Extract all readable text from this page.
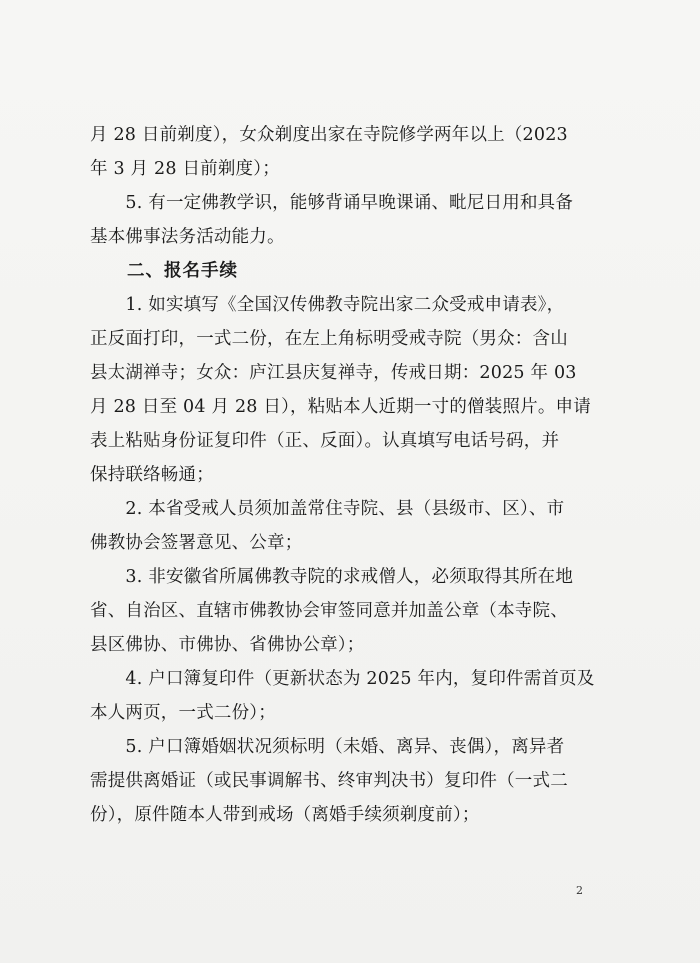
月 28 日前剃度），女众剃度出家在寺院修学两年以上（2023
年 3 月 28 日前剃度）；
　　5. 有一定佛教学识，能够背诵早晚课诵、毗尼日用和具备
基本佛事法务活动能力。
　　二、报名手续
　　1. 如实填写《全国汉传佛教寺院出家二众受戒申请表》，
正反面打印，一式二份，在左上角标明受戒寺院（男众：含山
县太湖禅寺；女众：庐江县庆复禅寺，传戒日期：2025 年 03
月 28 日至 04 月 28 日），粘贴本人近期一寸的僧装照片。申请
表上粘贴身份证复印件（正、反面）。认真填写电话号码，并
保持联络畅通；
　　2. 本省受戒人员须加盖常住寺院、县（县级市、区）、市
佛教协会签署意见、公章；
　　3. 非安徽省所属佛教寺院的求戒僧人，必须取得其所在地
省、自治区、直辖市佛教协会审签同意并加盖公章（本寺院、
县区佛协、市佛协、省佛协公章）；
　　4. 户口簿复印件（更新状态为 2025 年内，复印件需首页及
本人两页，一式二份）；
　　5. 户口簿婚姻状况须标明（未婚、离异、丧偶），离异者
需提供离婚证（或民事调解书、终审判决书）复印件（一式二
份），原件随本人带到戒场（离婚手续须剃度前）；
2
